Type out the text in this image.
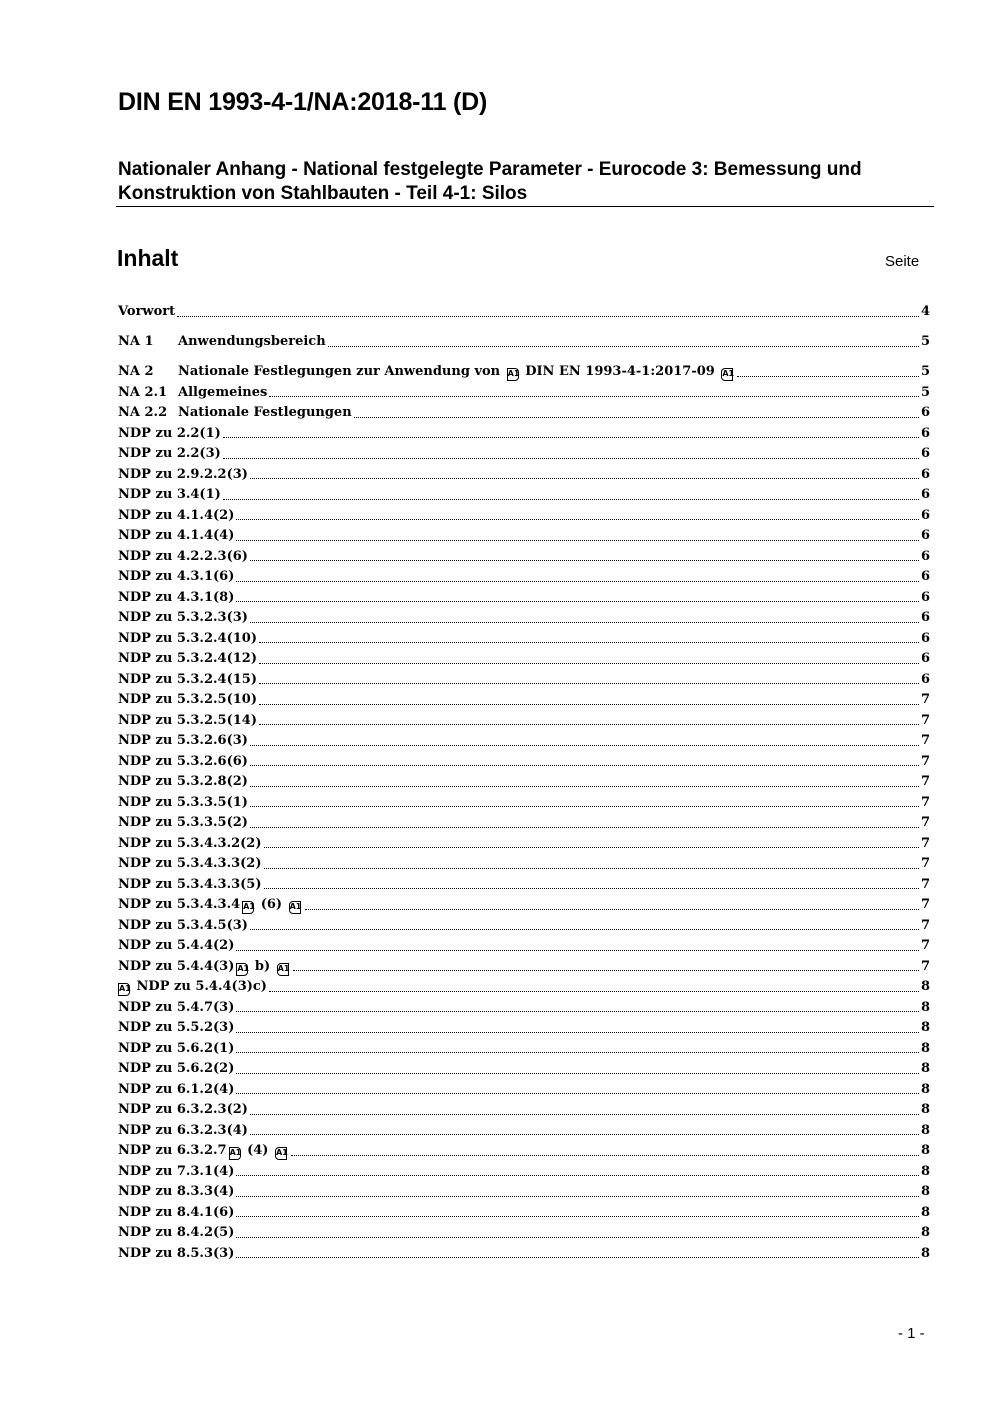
DIN EN 1993-4-1/NA:2018-11 (D)
Nationaler Anhang - National festgelegte Parameter - Eurocode 3: Bemessung und Konstruktion von Stahlbauten - Teil 4-1: Silos
Inhalt	Seite
Vorwort	4
NA 1	Anwendungsbereich	5
NA 2	Nationale Festlegungen zur Anwendung von A1 DIN EN 1993-4-1:2017-09 A1	5
NA 2.1 Allgemeines	5
NA 2.2 Nationale Festlegungen	6
NDP zu 2.2(1)	6
NDP zu 2.2(3)	6
NDP zu 2.9.2.2(3)	6
NDP zu 3.4(1)	6
NDP zu 4.1.4(2)	6
NDP zu 4.1.4(4)	6
NDP zu 4.2.2.3(6)	6
NDP zu 4.3.1(6)	6
NDP zu 4.3.1(8)	6
NDP zu 5.3.2.3(3)	6
NDP zu 5.3.2.4(10)	6
NDP zu 5.3.2.4(12)	6
NDP zu 5.3.2.4(15)	6
NDP zu 5.3.2.5(10)	7
NDP zu 5.3.2.5(14)	7
NDP zu 5.3.2.6(3)	7
NDP zu 5.3.2.6(6)	7
NDP zu 5.3.2.8(2)	7
NDP zu 5.3.3.5(1)	7
NDP zu 5.3.3.5(2)	7
NDP zu 5.3.4.3.2(2)	7
NDP zu 5.3.4.3.3(2)	7
NDP zu 5.3.4.3.3(5)	7
NDP zu 5.3.4.3.4 A1 (6) A1	7
NDP zu 5.3.4.5(3)	7
NDP zu 5.4.4(2)	7
NDP zu 5.4.4(3) A1 b) A1	7
A1 NDP zu 5.4.4(3)c)	8
NDP zu 5.4.7(3)	8
NDP zu 5.5.2(3)	8
NDP zu 5.6.2(1)	8
NDP zu 5.6.2(2)	8
NDP zu 6.1.2(4)	8
NDP zu 6.3.2.3(2)	8
NDP zu 6.3.2.3(4)	8
NDP zu 6.3.2.7 A1 (4) A1	8
NDP zu 7.3.1(4)	8
NDP zu 8.3.3(4)	8
NDP zu 8.4.1(6)	8
NDP zu 8.4.2(5)	8
NDP zu 8.5.3(3)	8
- 1 -
